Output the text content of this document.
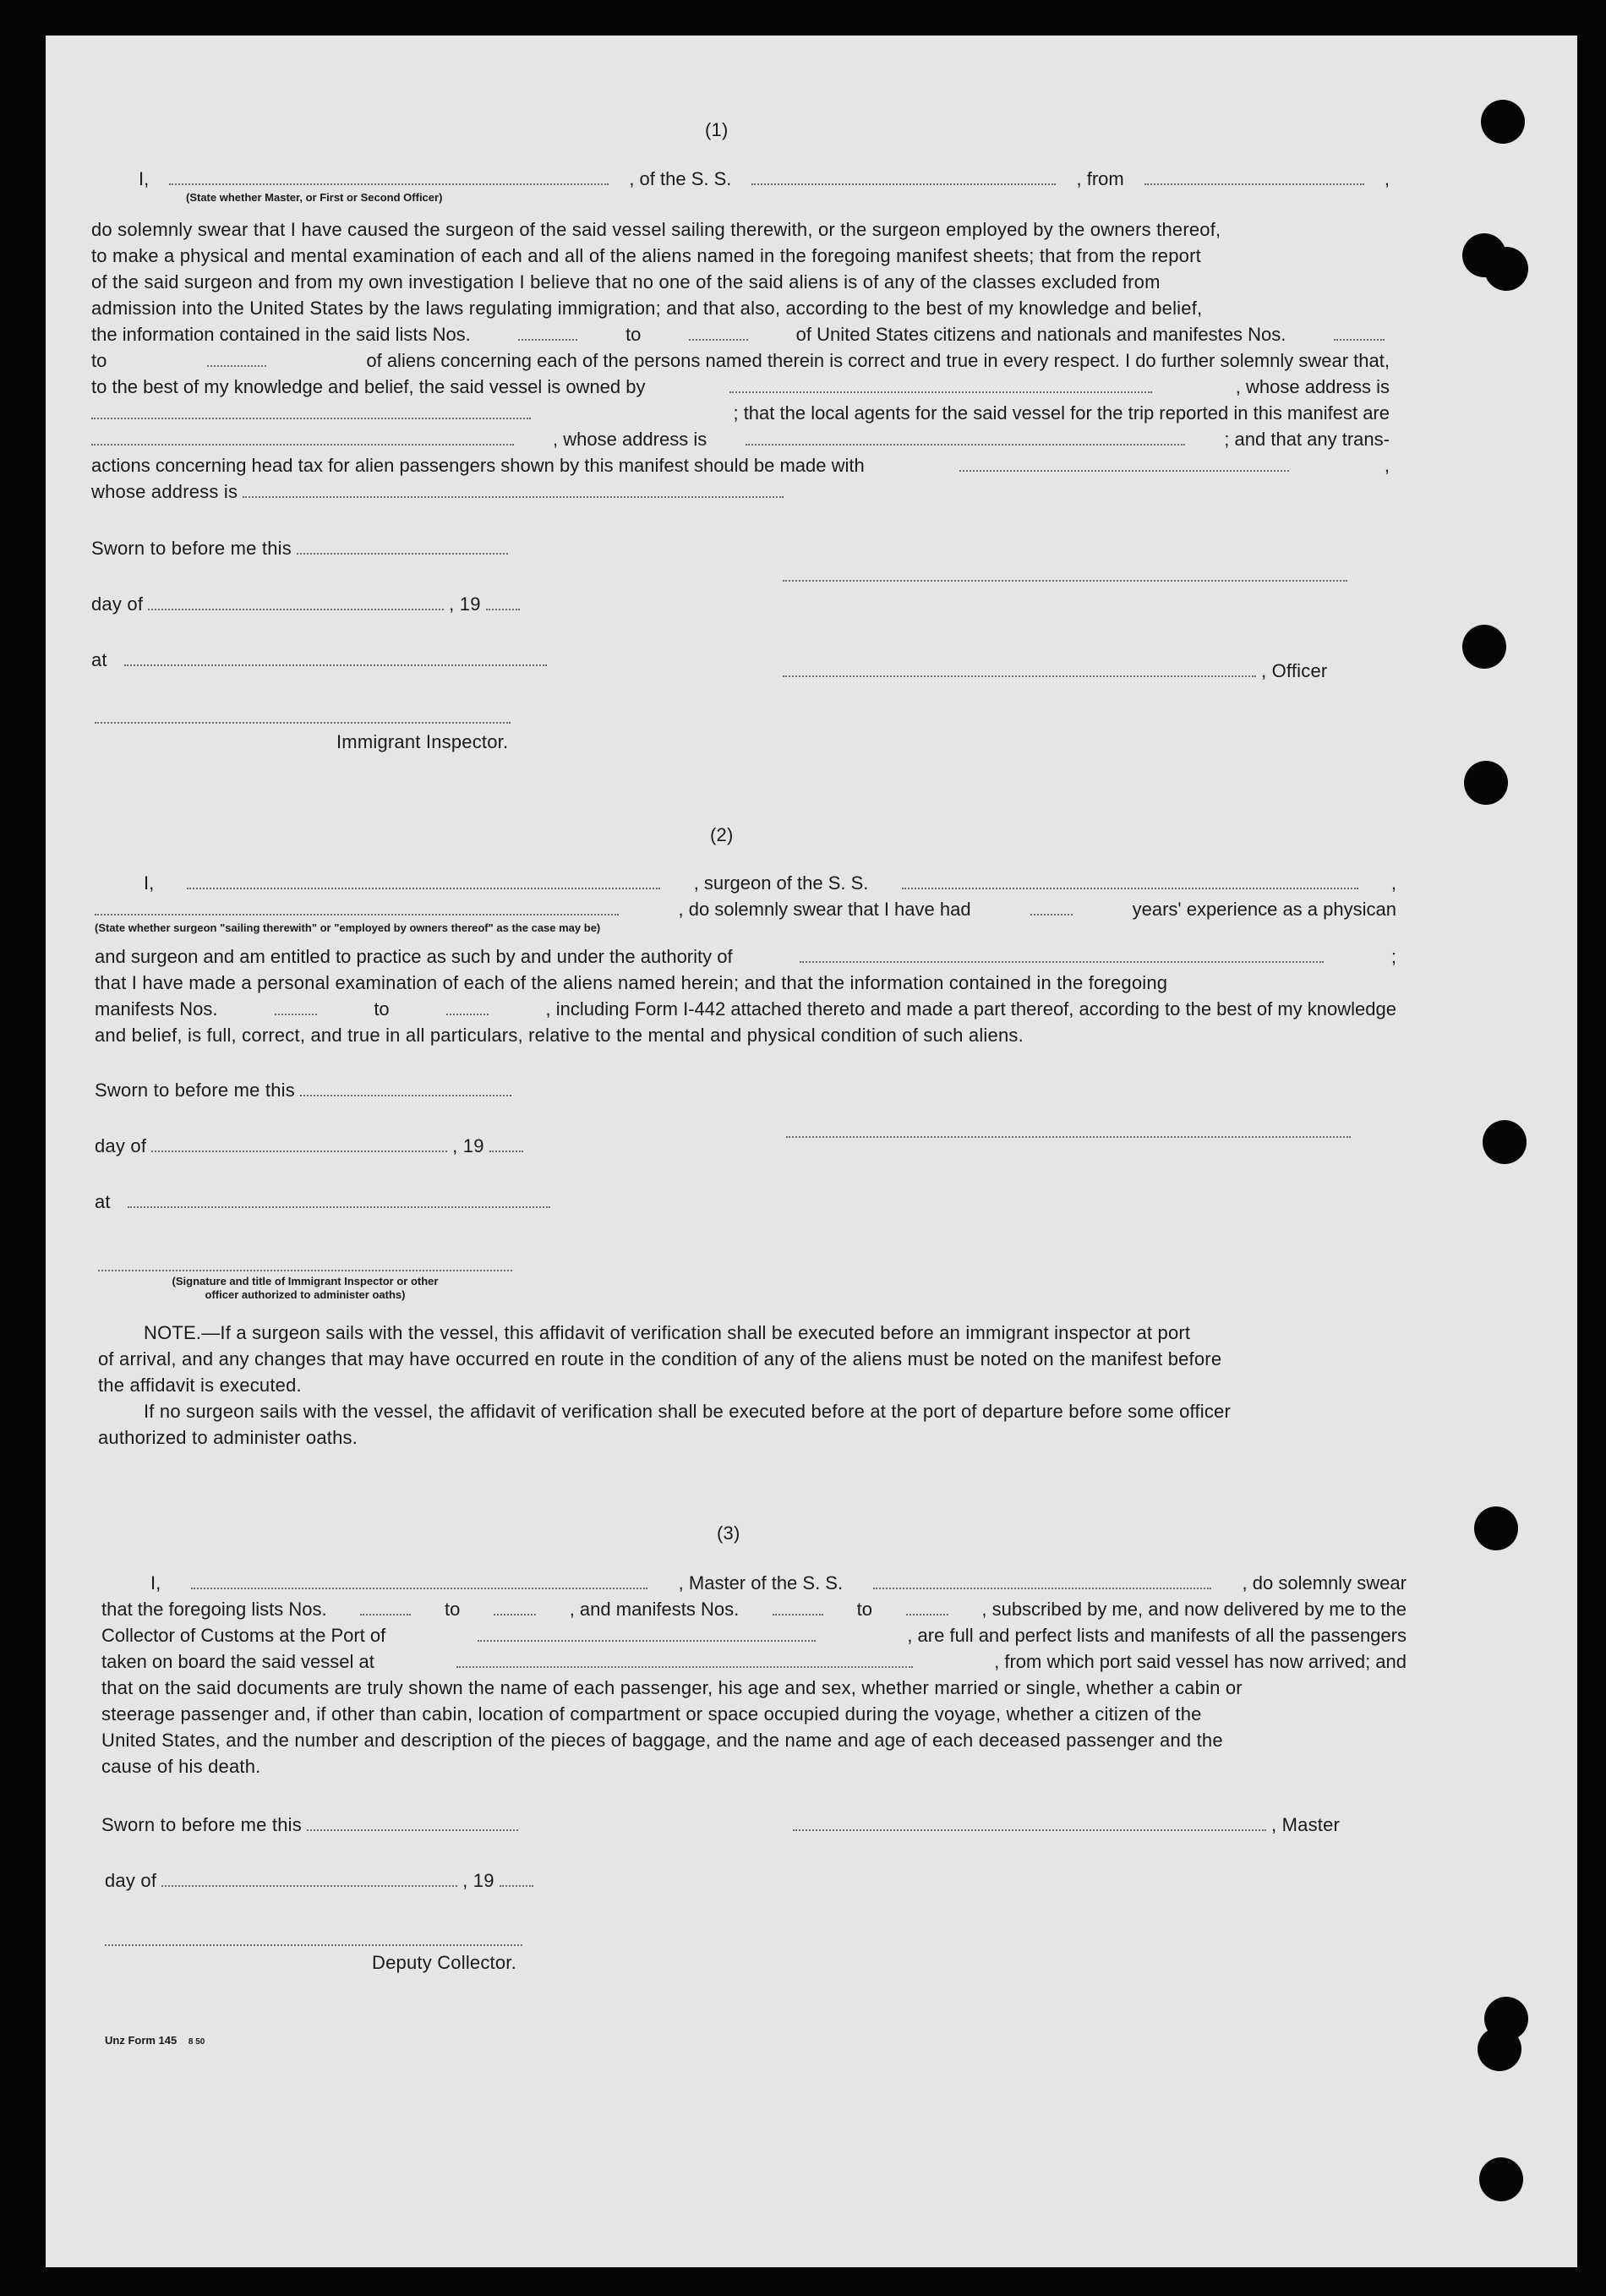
(1)
I,	, of the S. S.	, from	,
(State whether Master, or First or Second Officer)
do solemnly swear that I have caused the surgeon of the said vessel sailing therewith, or the surgeon employed by the owners thereof,
to make a physical and mental examination of each and all of the aliens named in the foregoing manifest sheets; that from the report
of the said surgeon and from my own investigation I believe that no one of the said aliens is of any of the classes excluded from
admission into the United States by the laws regulating immigration; and that also, according to the best of my knowledge and belief,
the information contained in the said lists Nos.	to	of United States citizens and nationals and manifestes Nos.
to	of aliens concerning each of the persons named therein is correct and true in every respect. I do further solemnly swear that,
to the best of my knowledge and belief, the said vessel is owned by	, whose address is
; that the local agents for the said vessel for the trip reported in this manifest are
, whose address is	; and that any trans-
actions concerning head tax for alien passengers shown by this manifest should be made with	,
whose address is
Sworn to before me this
day of	, 19
at
Immigrant Inspector.
, Officer
(2)
I,	, surgeon of the S. S.	,
, do solemnly swear that I have had	years' experience as a physican
(State whether surgeon "sailing therewith" or "employed by owners thereof" as the case may be)
and surgeon and am entitled to practice as such by and under the authority of	;
that I have made a personal examination of each of the aliens named herein; and that the information contained in the foregoing
manifests Nos.	to	, including Form I-442 attached thereto and made a part thereof, according to the best of my knowledge
and belief, is full, correct, and true in all particulars, relative to the mental and physical condition of such aliens.
Sworn to before me this
day of	, 19
at
(Signature and title of Immigrant Inspector or other
officer authorized to administer oaths)
NOTE.—If a surgeon sails with the vessel, this affidavit of verification shall be executed before an immigrant inspector at port
of arrival, and any changes that may have occurred en route in the condition of any of the aliens must be noted on the manifest before
the affidavit is executed.
If no surgeon sails with the vessel, the affidavit of verification shall be executed before at the port of departure before some officer
authorized to administer oaths.
(3)
I,	, Master of the S. S.	, do solemnly swear
that the foregoing lists Nos.	to	, and manifests Nos.	to	, subscribed by me, and now delivered by me to the
Collector of Customs at the Port of	, are full and perfect lists and manifests of all the passengers
taken on board the said vessel at	, from which port said vessel has now arrived; and
that on the said documents are truly shown the name of each passenger, his age and sex, whether married or single, whether a cabin or
steerage passenger and, if other than cabin, location of compartment or space occupied during the voyage, whether a citizen of the
United States, and the number and description of the pieces of baggage, and the name and age of each deceased passenger and the
cause of his death.
Sworn to before me this	, Master
day of	, 19
Deputy Collector.
Unz Form 145 8 50
